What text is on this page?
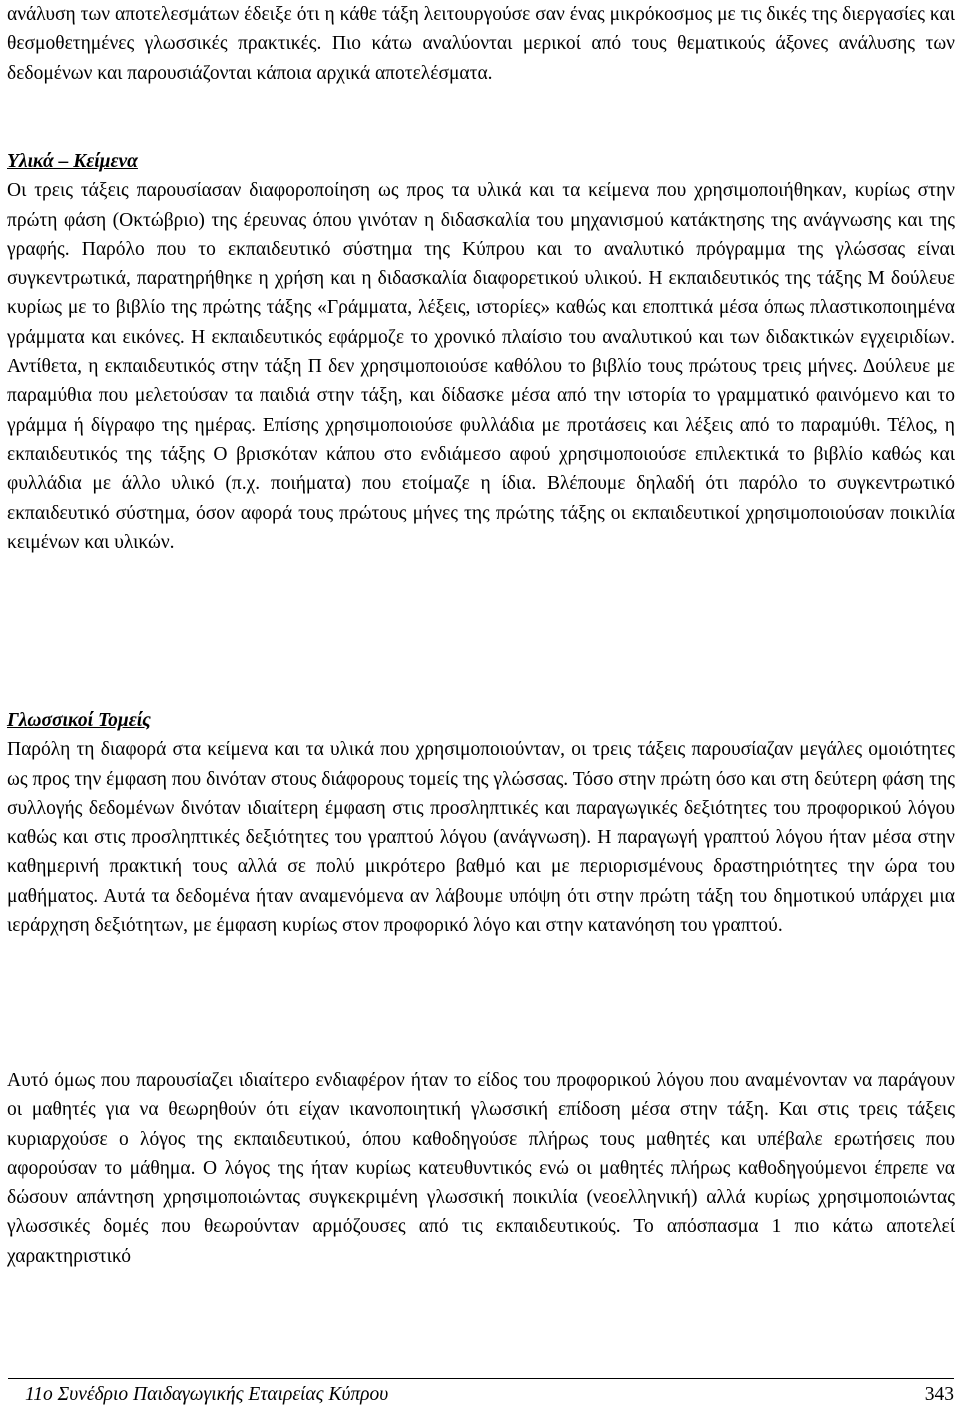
ανάλυση των αποτελεσμάτων έδειξε ότι η κάθε τάξη λειτουργούσε σαν ένας μικρόκοσμος με τις δικές της διεργασίες και θεσμοθετημένες γλωσσικές πρακτικές. Πιο κάτω αναλύονται μερικοί από τους θεματικούς άξονες ανάλυσης των δεδομένων και παρουσιάζονται κάποια αρχικά αποτελέσματα.

Υλικά – Κείμενα

Οι τρεις τάξεις παρουσίασαν διαφοροποίηση ως προς τα υλικά και τα κείμενα που χρησιμοποιήθηκαν, κυρίως στην πρώτη φάση (Οκτώβριο) της έρευνας όπου γινόταν η διδασκαλία του μηχανισμού κατάκτησης της ανάγνωσης και της γραφής. Παρόλο που το εκπαιδευτικό σύστημα της Κύπρου και το αναλυτικό πρόγραμμα της γλώσσας είναι συγκεντρωτικά, παρατηρήθηκε η χρήση και η διδασκαλία διαφορετικού υλικού. Η εκπαιδευτικός της τάξης Μ δούλευε κυρίως με το βιβλίο της πρώτης τάξης «Γράμματα, λέξεις, ιστορίες» καθώς και εποπτικά μέσα όπως πλαστικοποιημένα γράμματα και εικόνες. Η εκπαιδευτικός εφάρμοζε το χρονικό πλαίσιο του αναλυτικού και των διδακτικών εγχειριδίων. Αντίθετα, η εκπαιδευτικός στην τάξη Π δεν χρησιμοποιούσε καθόλου το βιβλίο τους πρώτους τρεις μήνες. Δούλευε με παραμύθια που μελετούσαν τα παιδιά στην τάξη, και δίδασκε μέσα από την ιστορία το γραμματικό φαινόμενο και το γράμμα ή δίγραφο της ημέρας. Επίσης χρησιμοποιούσε φυλλάδια με προτάσεις και λέξεις από το παραμύθι. Τέλος, η εκπαιδευτικός της τάξης Ο βρισκόταν κάπου στο ενδιάμεσο αφού χρησιμοποιούσε επιλεκτικά το βιβλίο καθώς και φυλλάδια με άλλο υλικό (π.χ. ποιήματα) που ετοίμαζε η ίδια. Βλέπουμε δηλαδή ότι παρόλο το συγκεντρωτικό εκπαιδευτικό σύστημα, όσον αφορά τους πρώτους μήνες της πρώτης τάξης οι εκπαιδευτικοί χρησιμοποιούσαν ποικιλία κειμένων και υλικών.

Γλωσσικοί Τομείς

Παρόλη τη διαφορά στα κείμενα και τα υλικά που χρησιμοποιούνταν, οι τρεις τάξεις παρουσίαζαν μεγάλες ομοιότητες ως προς την έμφαση που δινόταν στους διάφορους τομείς της γλώσσας. Τόσο στην πρώτη όσο και στη δεύτερη φάση της συλλογής δεδομένων δινόταν ιδιαίτερη έμφαση στις προσληπτικές και παραγωγικές δεξιότητες του προφορικού λόγου καθώς και στις προσληπτικές δεξιότητες του γραπτού λόγου (ανάγνωση). Η παραγωγή γραπτού λόγου ήταν μέσα στην καθημερινή πρακτική τους αλλά σε πολύ μικρότερο βαθμό και με περιορισμένους δραστηριότητες την ώρα του μαθήματος. Αυτά τα δεδομένα ήταν αναμενόμενα αν λάβουμε υπόψη ότι στην πρώτη τάξη του δημοτικού υπάρχει μια ιεράρχηση δεξιότητων, με έμφαση κυρίως στον προφορικό λόγο και στην κατανόηση του γραπτού.

Αυτό όμως που παρουσίαζει ιδιαίτερο ενδιαφέρον ήταν το είδος του προφορικού λόγου που αναμένονταν να παράγουν οι μαθητές για να θεωρηθούν ότι είχαν ικανοποιητική γλωσσική επίδοση μέσα στην τάξη. Και στις τρεις τάξεις κυριαρχούσε ο λόγος της εκπαιδευτικού, όπου καθοδηγούσε πλήρως τους μαθητές και υπέβαλε ερωτήσεις που αφορούσαν το μάθημα. Ο λόγος της ήταν κυρίως κατευθυντικός ενώ οι μαθητές πλήρως καθοδηγούμενοι έπρεπε να δώσουν απάντηση χρησιμοποιώντας συγκεκριμένη γλωσσική ποικιλία (νεοελληνική) αλλά κυρίως χρησιμοποιώντας γλωσσικές δομές που θεωρούνταν αρμόζουσες από τις εκπαιδευτικούς. Το απόσπασμα 1 πιο κάτω αποτελεί χαρακτηριστικό

11ο Συνέδριο Παιδαγωγικής Εταιρείας Κύπρου	343
